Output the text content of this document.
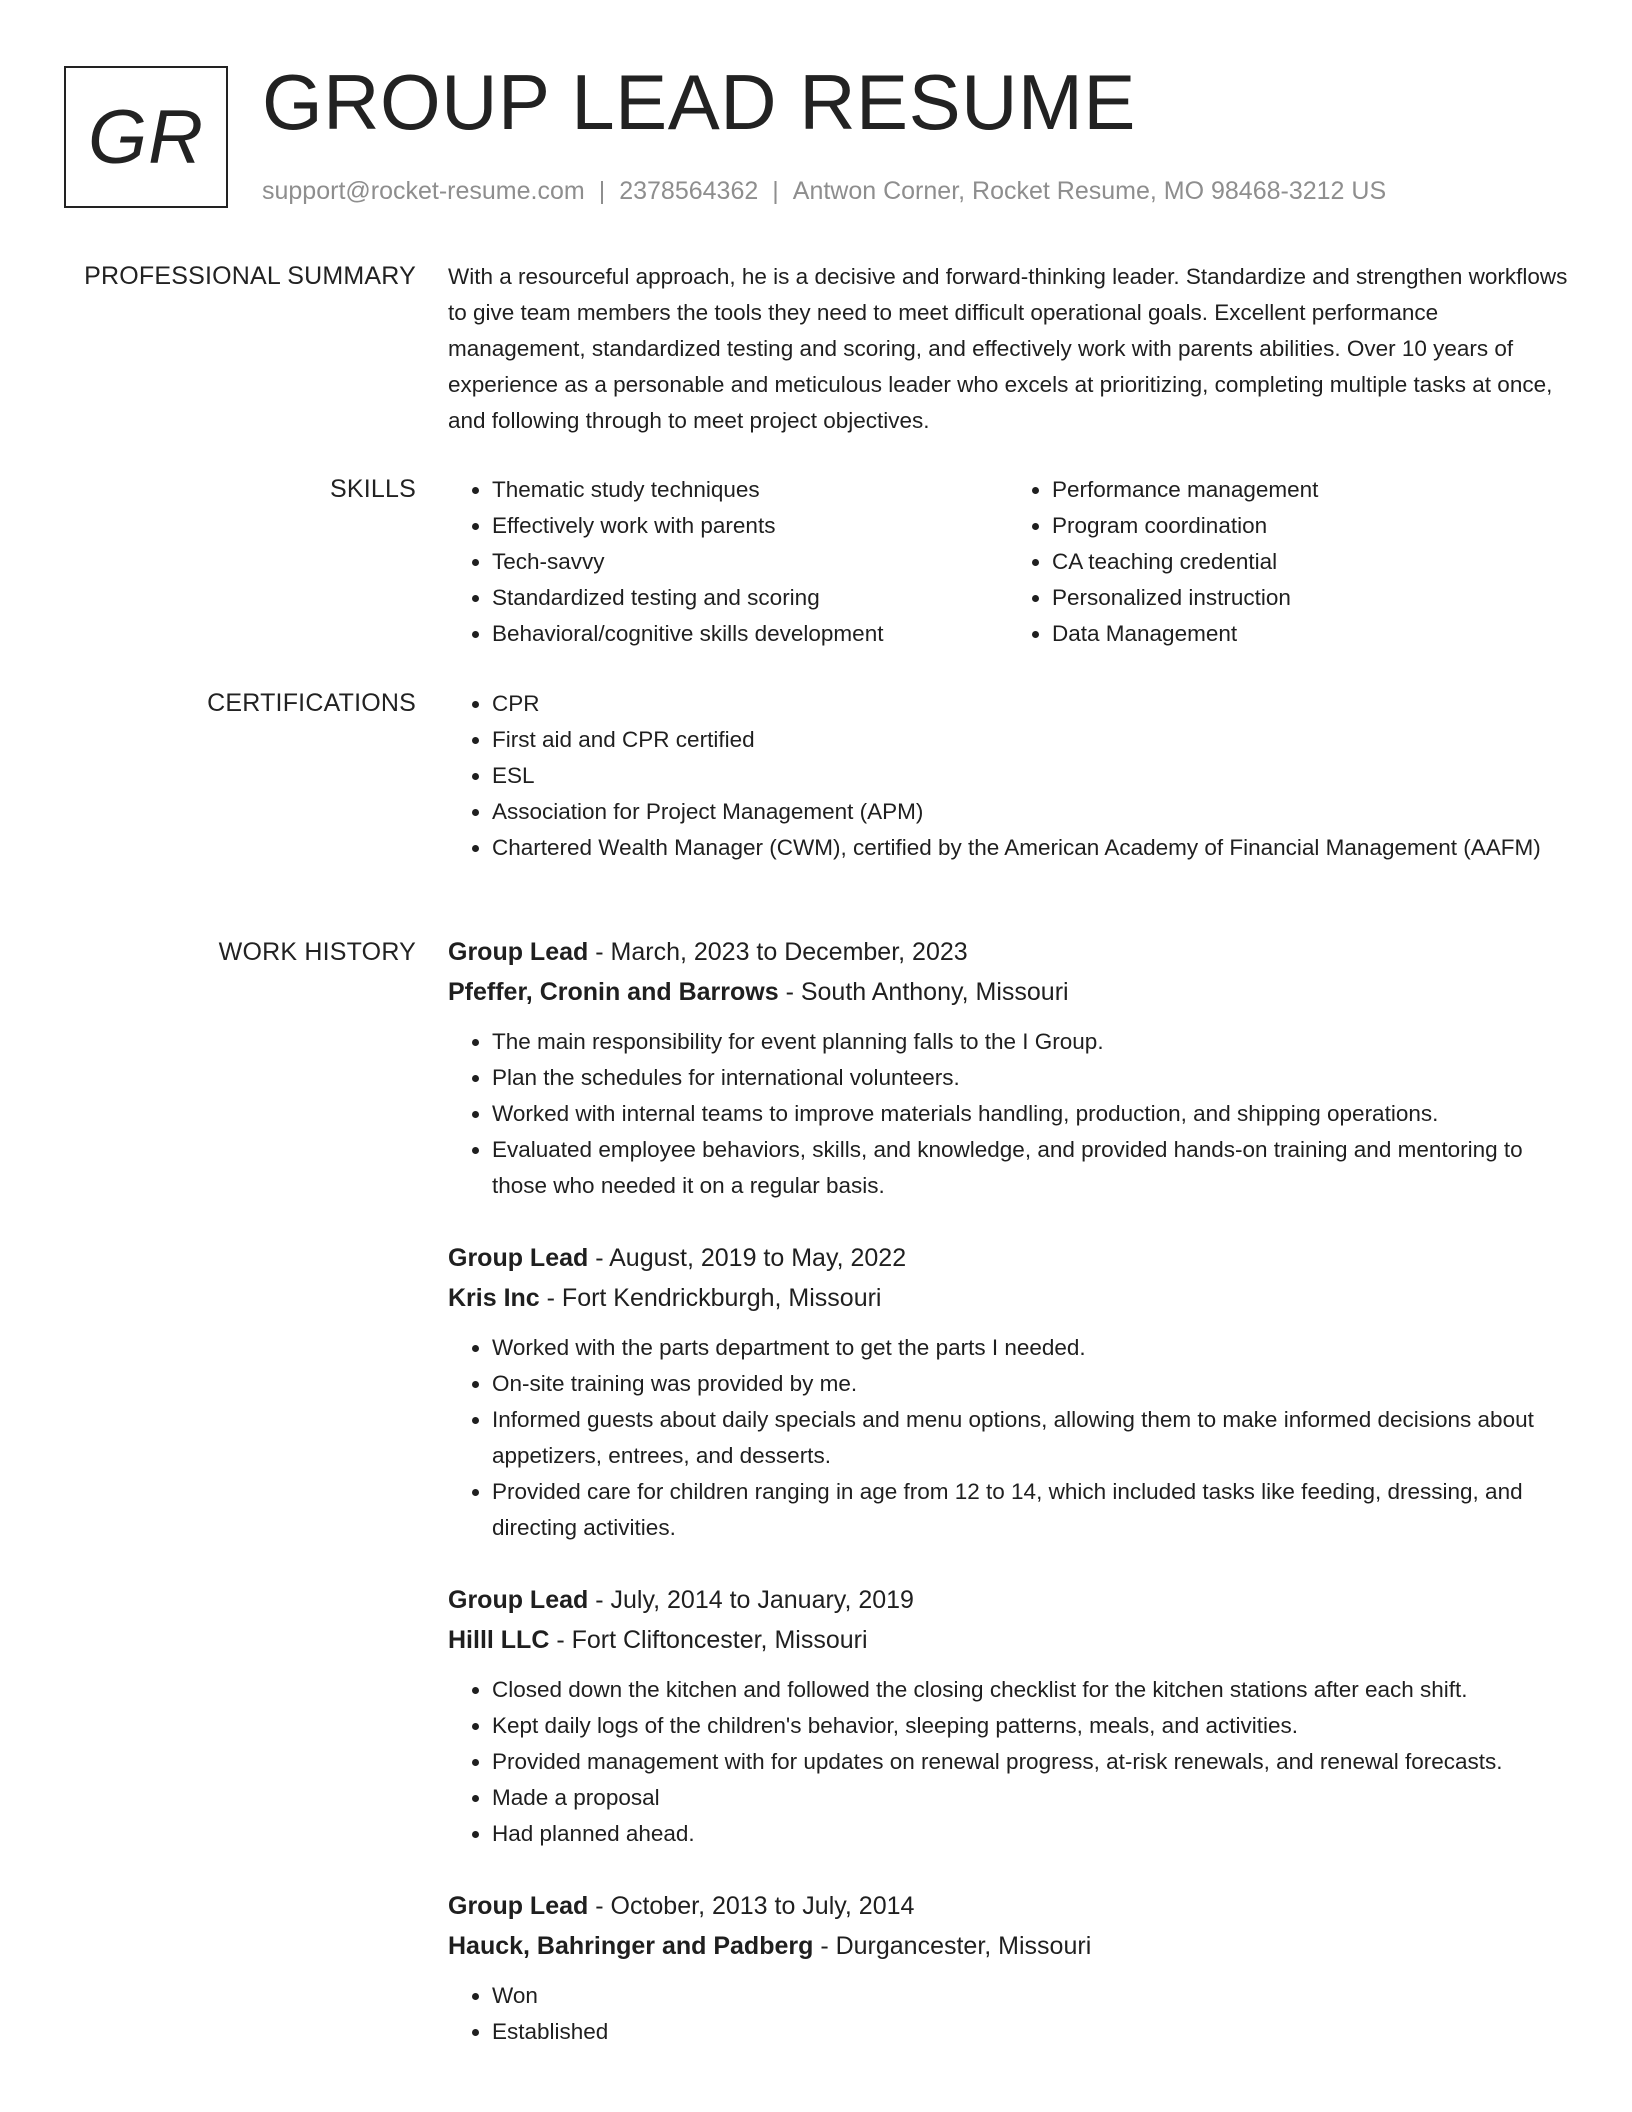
GR GROUP LEAD RESUME
support@rocket-resume.com | 2378564362 | Antwon Corner, Rocket Resume, MO 98468-3212 US
PROFESSIONAL SUMMARY With a resourceful approach, he is a decisive and forward-thinking leader. Standardize and strengthen workflows to give team members the tools they need to meet difficult operational goals. Excellent performance management, standardized testing and scoring, and effectively work with parents abilities. Over 10 years of experience as a personable and meticulous leader who excels at prioritizing, completing multiple tasks at once, and following through to meet project objectives.

SKILLS	• Thematic study techniques
• Effectively work with parents
• Tech-savvy
• Standardized testing and scoring
• Behavioral/cognitive skills development
• Performance management
• Program coordination
• CA teaching credential
• Personalized instruction
• Data Management
CERTIFICATIONS	• CPR
• First aid and CPR certified
• ESL
• Association for Project Management (APM)
• Chartered Wealth Manager (CWM), certified by the American Academy of Financial Management (AAFM)
WORK HISTORY Group Lead - March, 2023 to December, 2023
Pfeffer, Cronin and Barrows - South Anthony, Missouri
• The main responsibility for event planning falls to the I Group.
• Plan the schedules for international volunteers.
• Worked with internal teams to improve materials handling, production, and shipping operations.
• Evaluated employee behaviors, skills, and knowledge, and provided hands-on training and mentoring to those who needed it on a regular basis.
Group Lead - August, 2019 to May, 2022
Kris Inc - Fort Kendrickburgh, Missouri
• Worked with the parts department to get the parts I needed.
• On-site training was provided by me.
• Informed guests about daily specials and menu options, allowing them to make informed decisions about appetizers, entrees, and desserts.
• Provided care for children ranging in age from 12 to 14, which included tasks like feeding, dressing, and directing activities.
Group Lead - July, 2014 to January, 2019
Hilll LLC - Fort Cliftoncester, Missouri
• Closed down the kitchen and followed the closing checklist for the kitchen stations after each shift.
• Kept daily logs of the children's behavior, sleeping patterns, meals, and activities.
• Provided management with for updates on renewal progress, at-risk renewals, and renewal forecasts.
• Made a proposal
• Had planned ahead.
Group Lead - October, 2013 to July, 2014
Hauck, Bahringer and Padberg - Durgancester, Missouri
• Won
• Established
